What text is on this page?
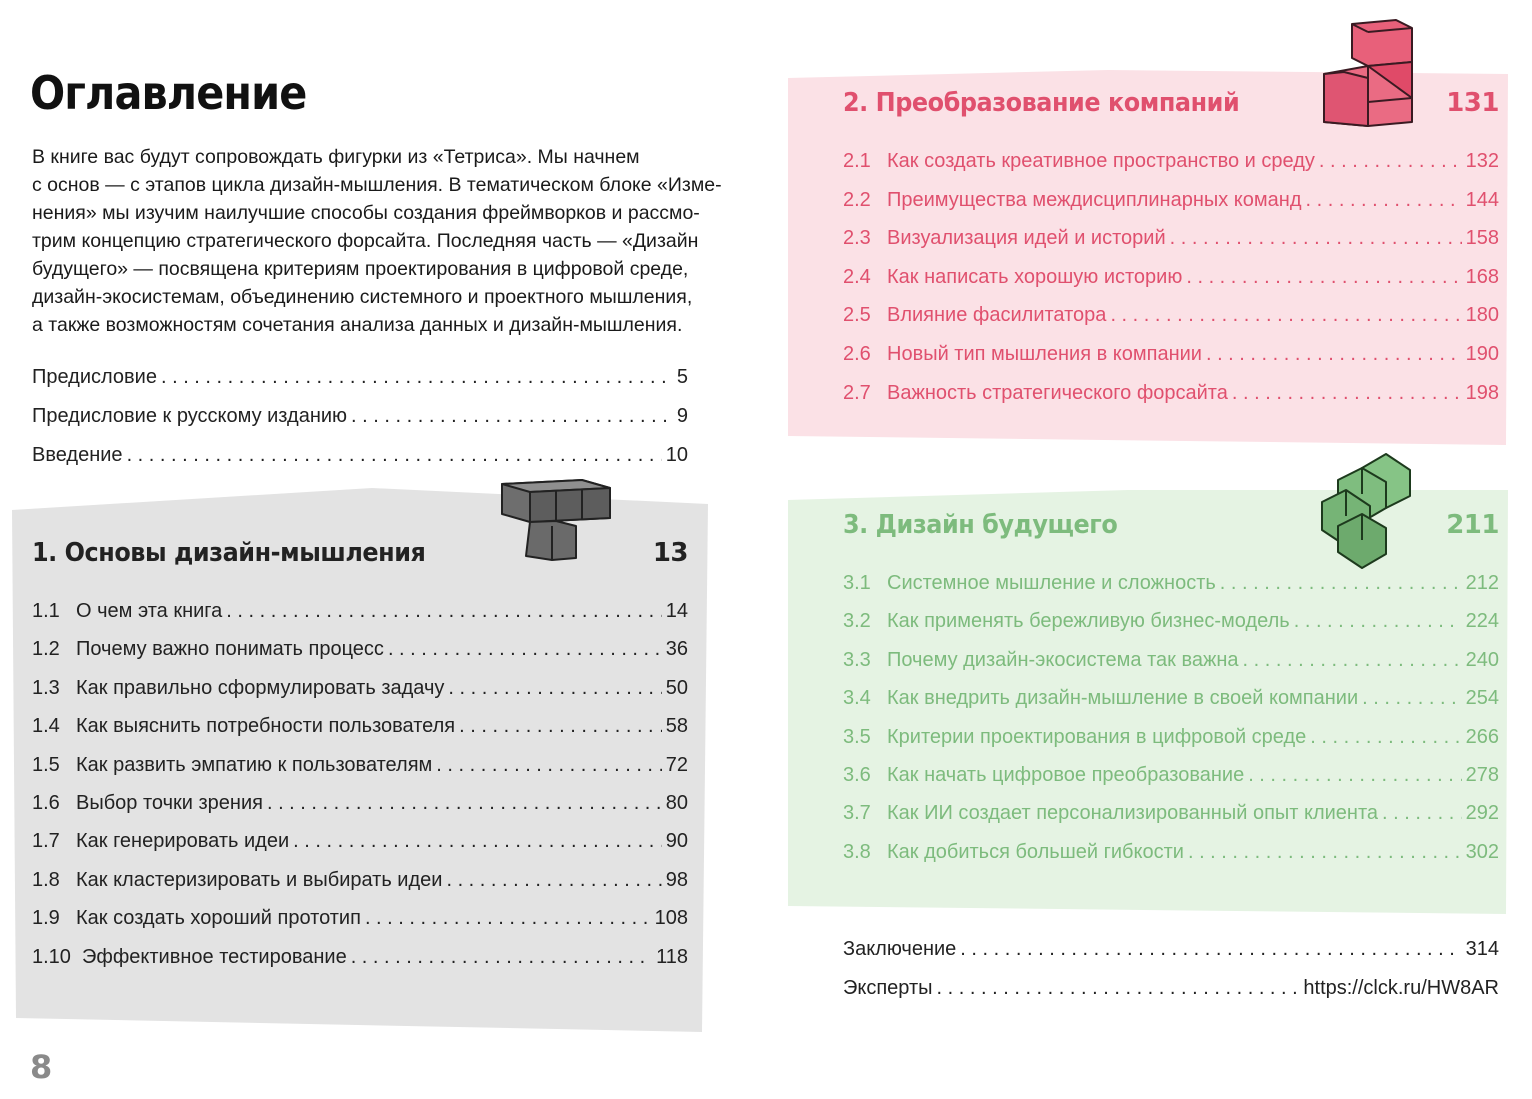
Оглавление
В книге вас будут сопровождать фигурки из «Тетриса». Мы начнем
с основ — с этапов цикла дизайн-мышления. В тематическом блоке «Изме-
нения» мы изучим наилучшие способы создания фреймворков и рассмо-
трим концепцию стратегического форсайта. Последняя часть — «Дизайн
будущего» — посвящена критериям проектирования в цифровой среде,
дизайн-экосистемам, объединению системного и проектного мышления,
а также возможностям сочетания анализа данных и дизайн-мышления.
Предисловие . . .	5
Предисловие к русскому изданию . . .	9
Введение . . .	10
1. Основы дизайн-мышления	13
1.1 О чем эта книга . . .	14
1.2 Почему важно понимать процесс . . .	36
1.3 Как правильно сформулировать задачу . . .	50
1.4 Как выяснить потребности пользователя . . .	58
1.5 Как развить эмпатию к пользователям . . .	72
1.6 Выбор точки зрения . . .	80
1.7 Как генерировать идеи . . .	90
1.8 Как кластеризировать и выбирать идеи . . .	98
1.9 Как создать хороший прототип . . .	108
1.10 Эффективное тестирование . . .	118
2. Преобразование компаний	131
2.1 Как создать креативное пространство и среду . . .	132
2.2 Преимущества междисциплинарных команд . . .	144
2.3 Визуализация идей и историй . . .	158
2.4 Как написать хорошую историю . . .	168
2.5 Влияние фасилитатора . . .	180
2.6 Новый тип мышления в компании . . .	190
2.7 Важность стратегического форсайта . . .	198
3. Дизайн будущего	211
3.1 Системное мышление и сложность . . .	212
3.2 Как применять бережливую бизнес-модель . . .	224
3.3 Почему дизайн-экосистема так важна . . .	240
3.4 Как внедрить дизайн-мышление в своей компании . . .	254
3.5 Критерии проектирования в цифровой среде . . .	266
3.6 Как начать цифровое преобразование . . .	278
3.7 Как ИИ создает персонализированный опыт клиента . . .	292
3.8 Как добиться большей гибкости . . .	302
Заключение . . .	314
Эксперты . . .	https://clck.ru/HW8AR
8
